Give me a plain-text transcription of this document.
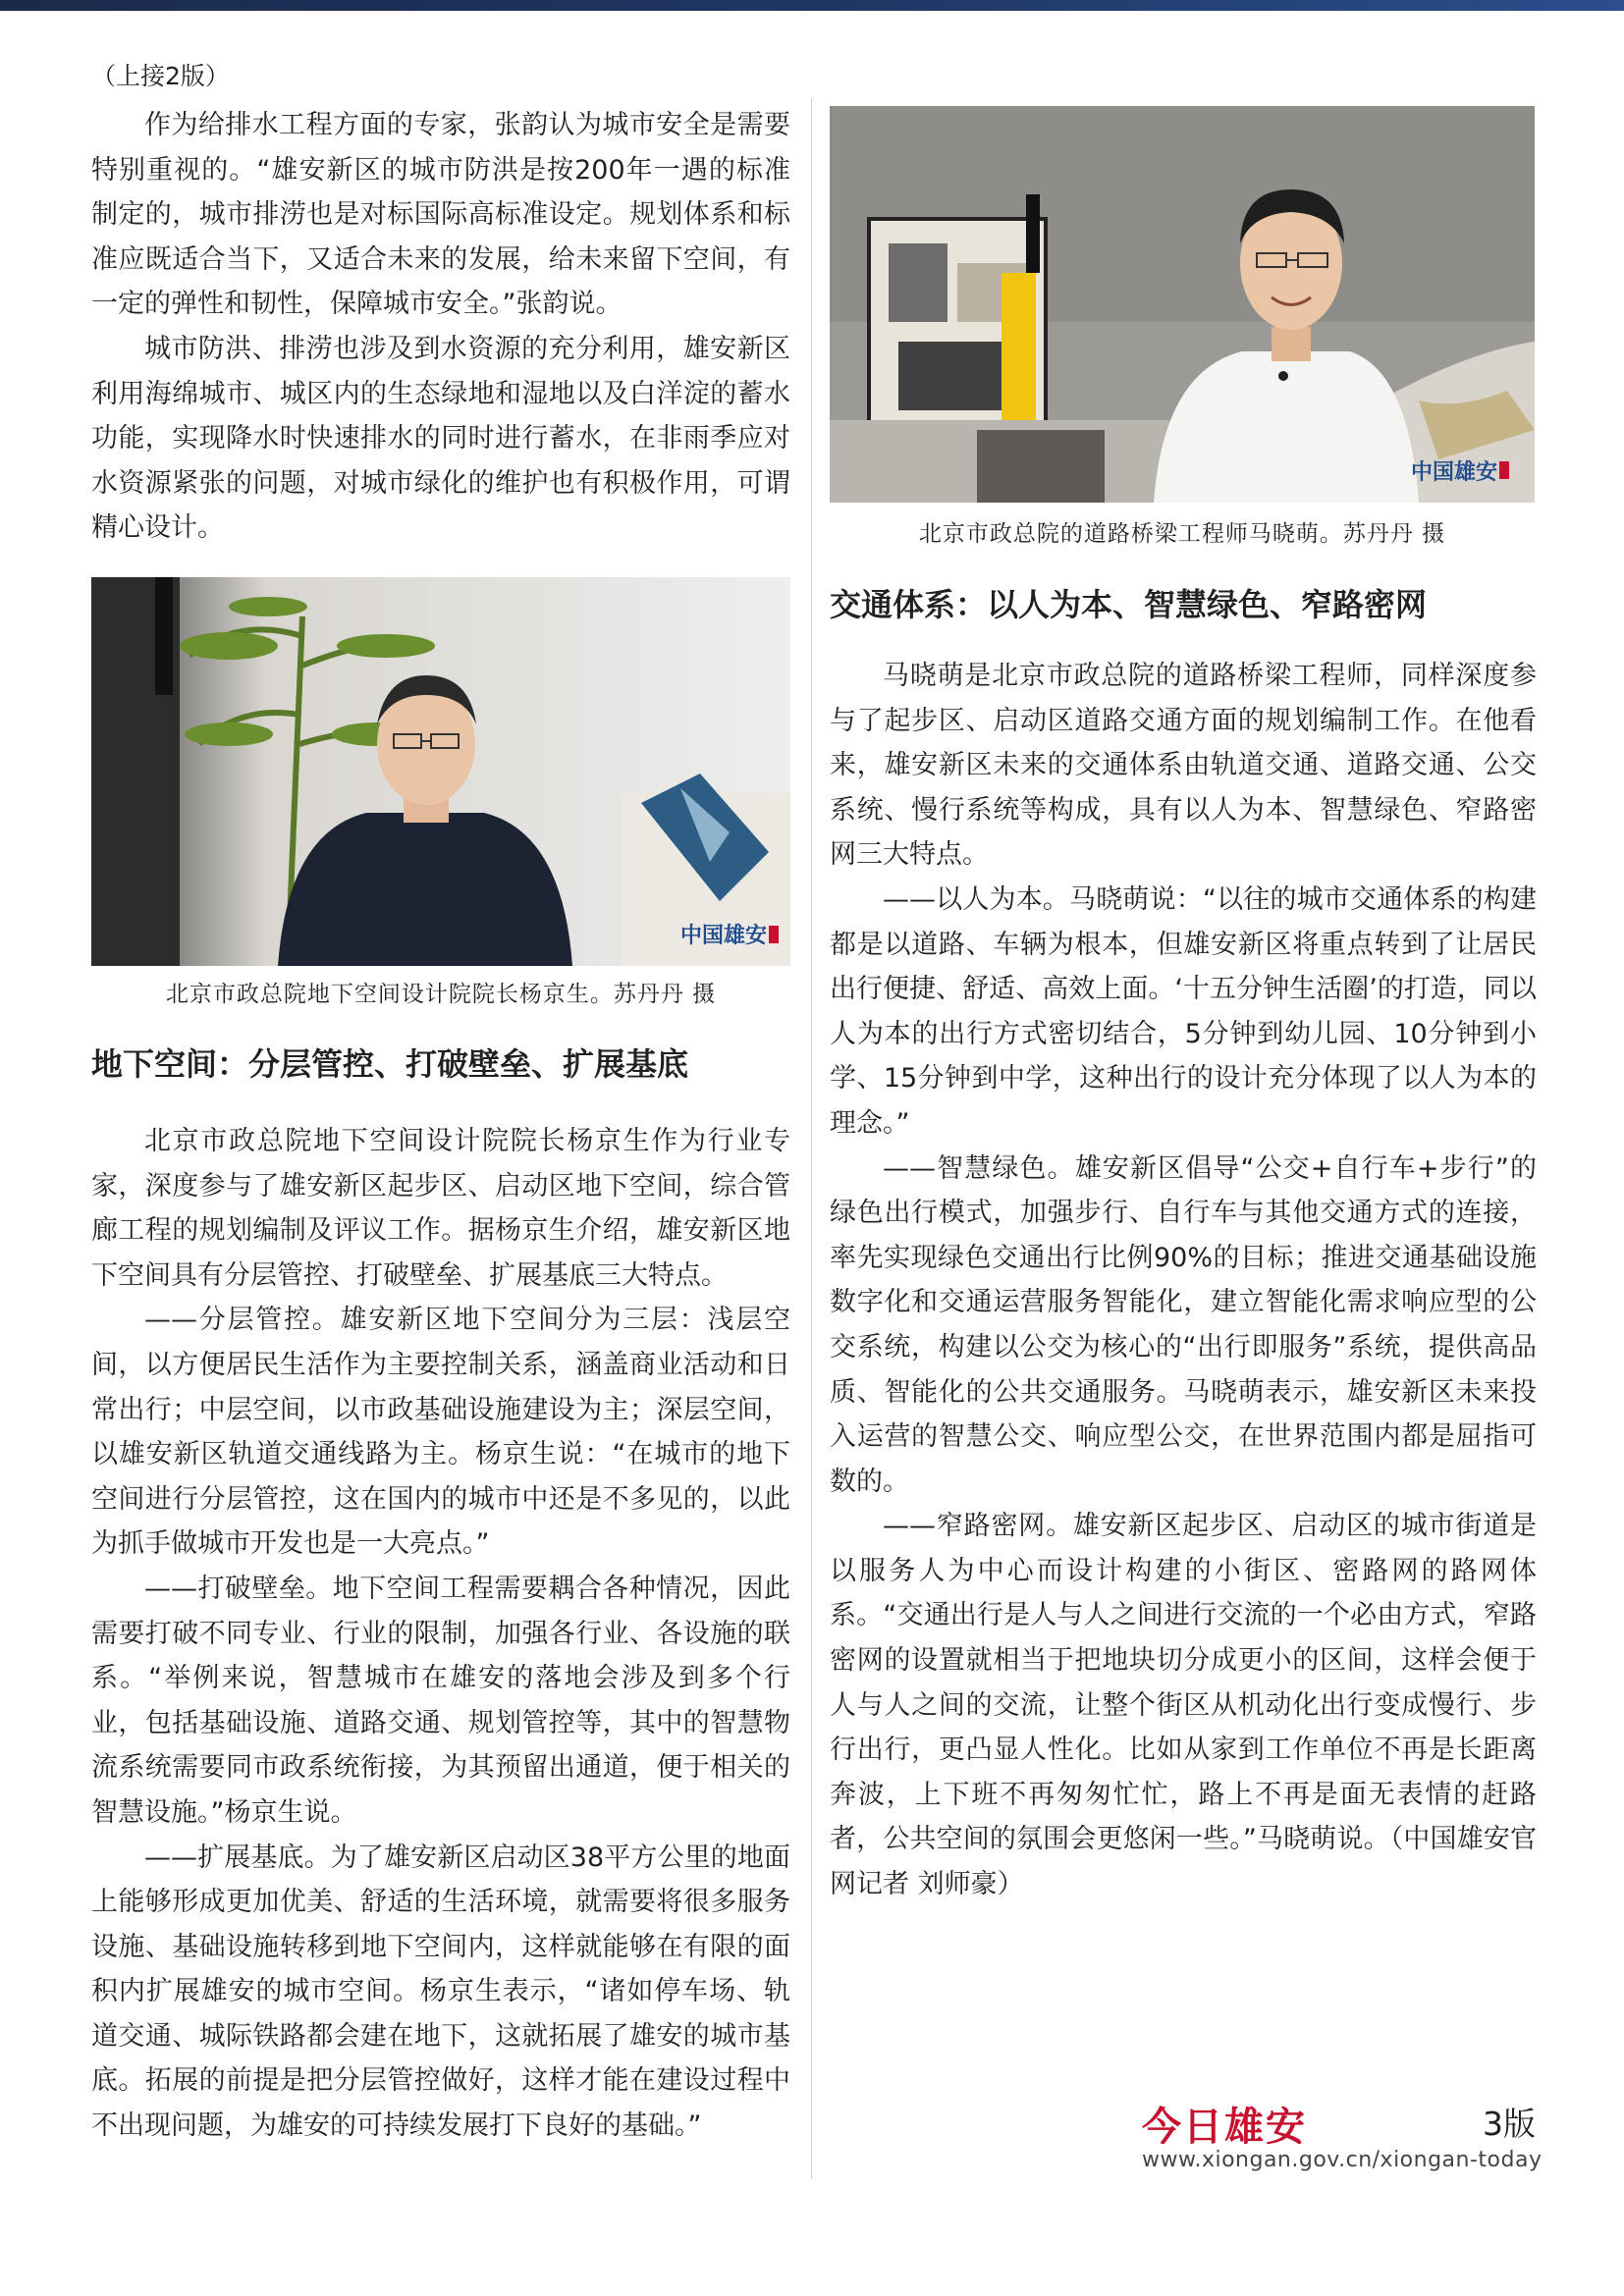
（上接2版）

作为给排水工程方面的专家，张韵认为城市安全是需要特别重视的。“雄安新区的城市防洪是按200年一遇的标准制定的，城市排涝也是对标国际高标准设定。规划体系和标准应既适合当下，又适合未来的发展，给未来留下空间，有一定的弹性和韧性，保障城市安全。”张韵说。

城市防洪、排涝也涉及到水资源的充分利用，雄安新区利用海绵城市、城区内的生态绿地和湿地以及白洋淀的蓄水功能，实现降水时快速排水的同时进行蓄水，在非雨季应对水资源紧张的问题，对城市绿化的维护也有积极作用，可谓精心设计。

中国雄安
北京市政总院地下空间设计院院长杨京生。苏丹丹 摄
地下空间：分层管控、打破壁垒、扩展基底

北京市政总院地下空间设计院院长杨京生作为行业专家，深度参与了雄安新区起步区、启动区地下空间，综合管廊工程的规划编制及评议工作。据杨京生介绍，雄安新区地下空间具有分层管控、打破壁垒、扩展基底三大特点。

——分层管控。雄安新区地下空间分为三层：浅层空间，以方便居民生活作为主要控制关系，涵盖商业活动和日常出行；中层空间，以市政基础设施建设为主；深层空间，以雄安新区轨道交通线路为主。杨京生说：“在城市的地下空间进行分层管控，这在国内的城市中还是不多见的，以此为抓手做城市开发也是一大亮点。”

——打破壁垒。地下空间工程需要耦合各种情况，因此需要打破不同专业、行业的限制，加强各行业、各设施的联系。“举例来说，智慧城市在雄安的落地会涉及到多个行业，包括基础设施、道路交通、规划管控等，其中的智慧物流系统需要同市政系统衔接，为其预留出通道，便于相关的智慧设施。”杨京生说。

——扩展基底。为了雄安新区启动区38平方公里的地面上能够形成更加优美、舒适的生活环境，就需要将很多服务设施、基础设施转移到地下空间内，这样就能够在有限的面积内扩展雄安的城市空间。杨京生表示，“诸如停车场、轨道交通、城际铁路都会建在地下，这就拓展了雄安的城市基底。拓展的前提是把分层管控做好，这样才能在建设过程中不出现问题，为雄安的可持续发展打下良好的基础。”

中国雄安
北京市政总院的道路桥梁工程师马晓萌。苏丹丹 摄
交通体系：以人为本、智慧绿色、窄路密网

马晓萌是北京市政总院的道路桥梁工程师，同样深度参与了起步区、启动区道路交通方面的规划编制工作。在他看来，雄安新区未来的交通体系由轨道交通、道路交通、公交系统、慢行系统等构成，具有以人为本、智慧绿色、窄路密网三大特点。

——以人为本。马晓萌说：“以往的城市交通体系的构建都是以道路、车辆为根本，但雄安新区将重点转到了让居民出行便捷、舒适、高效上面。‘十五分钟生活圈’的打造，同以人为本的出行方式密切结合，5分钟到幼儿园、10分钟到小学、15分钟到中学，这种出行的设计充分体现了以人为本的理念。”

——智慧绿色。雄安新区倡导“公交+自行车+步行”的绿色出行模式，加强步行、自行车与其他交通方式的连接，率先实现绿色交通出行比例90%的目标；推进交通基础设施数字化和交通运营服务智能化，建立智能化需求响应型的公交系统，构建以公交为核心的“出行即服务”系统，提供高品质、智能化的公共交通服务。马晓萌表示，雄安新区未来投入运营的智慧公交、响应型公交，在世界范围内都是屈指可数的。

——窄路密网。雄安新区起步区、启动区的城市街道是以服务人为中心而设计构建的小街区、密路网的路网体系。“交通出行是人与人之间进行交流的一个必由方式，窄路密网的设置就相当于把地块切分成更小的区间，这样会便于人与人之间的交流，让整个街区从机动化出行变成慢行、步行出行，更凸显人性化。比如从家到工作单位不再是长距离奔波，上下班不再匆匆忙忙，路上不再是面无表情的赶路者，公共空间的氛围会更悠闲一些。”马晓萌说。（中国雄安官网记者 刘师豪）

今日雄安	3版
www.xiongan.gov.cn/xiongan-today
